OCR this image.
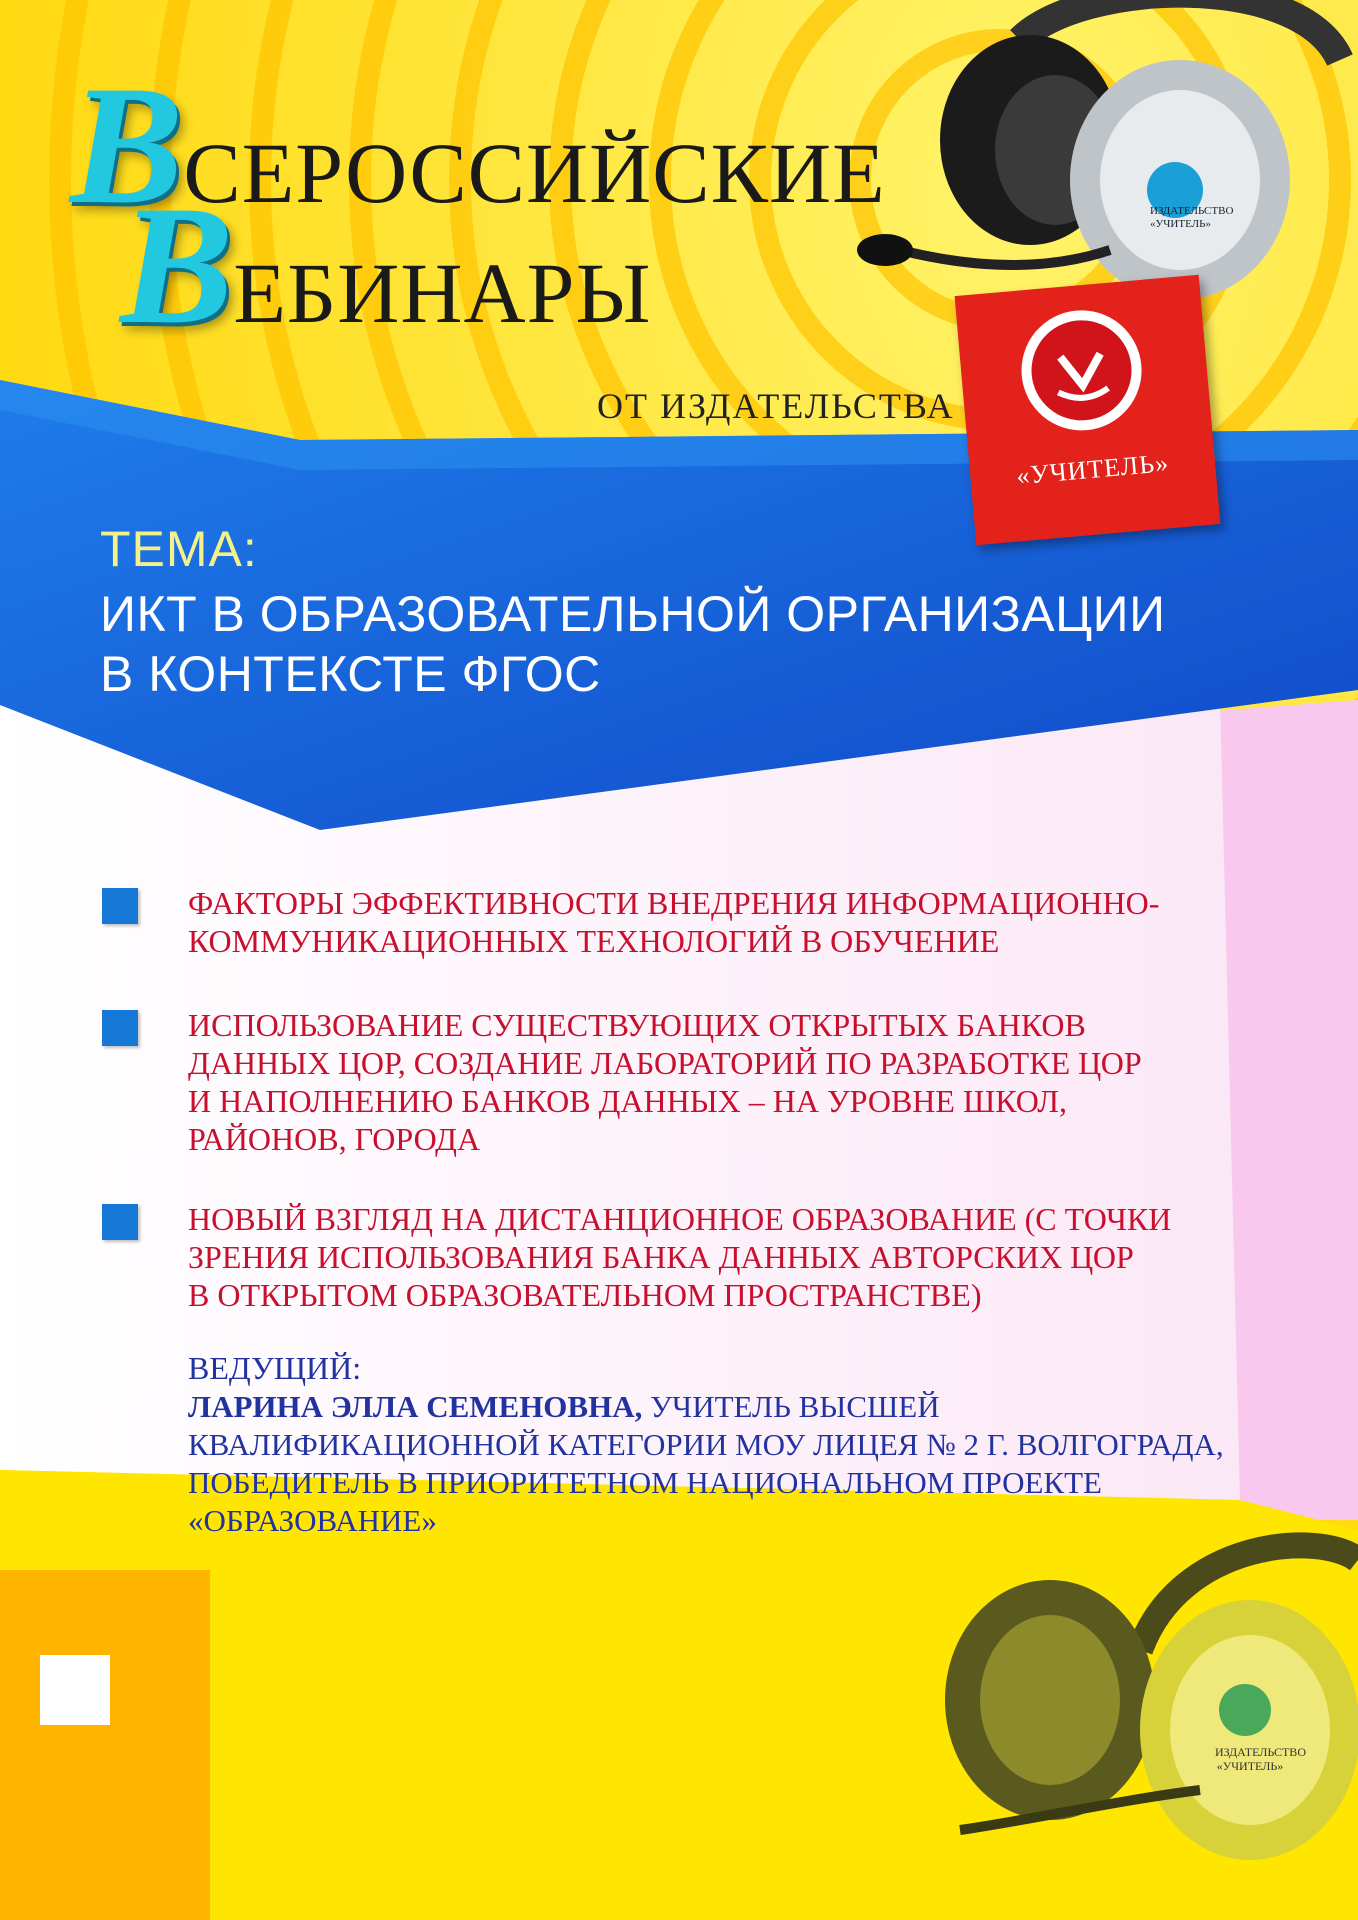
ВСЕРОССИЙСКИЕ
ВЕБИНАРЫ
ОТ ИЗДАТЕЛЬСТВА
«УЧИТЕЛЬ»
ИЗДАТЕЛЬСТВО
«УЧИТЕЛЬ»
ИЗДАТЕЛЬСТВО
«УЧИТЕЛЬ»
ТЕМА:
ИКТ В ОБРАЗОВАТЕЛЬНОЙ ОРГАНИЗАЦИИ
В КОНТЕКСТЕ ФГОС
ФАКТОРЫ ЭФФЕКТИВНОСТИ ВНЕДРЕНИЯ ИНФОРМАЦИОННО-
КОММУНИКАЦИОННЫХ ТЕХНОЛОГИЙ В ОБУЧЕНИЕ
ИСПОЛЬЗОВАНИЕ СУЩЕСТВУЮЩИХ ОТКРЫТЫХ БАНКОВ
ДАННЫХ ЦОР, СОЗДАНИЕ ЛАБОРАТОРИЙ ПО РАЗРАБОТКЕ ЦОР
И НАПОЛНЕНИЮ БАНКОВ ДАННЫХ – НА УРОВНЕ ШКОЛ,
РАЙОНОВ, ГОРОДА
НОВЫЙ ВЗГЛЯД НА ДИСТАНЦИОННОЕ ОБРАЗОВАНИЕ (С ТОЧКИ
ЗРЕНИЯ ИСПОЛЬЗОВАНИЯ БАНКА ДАННЫХ АВТОРСКИХ ЦОР
В ОТКРЫТОМ ОБРАЗОВАТЕЛЬНОМ ПРОСТРАНСТВЕ)
ВЕДУЩИЙ:
ЛАРИНА ЭЛЛА СЕМЕНОВНА, УЧИТЕЛЬ ВЫСШЕЙ
КВАЛИФИКАЦИОННОЙ КАТЕГОРИИ МОУ ЛИЦЕЯ № 2 Г. ВОЛГОГРАДА,
ПОБЕДИТЕЛЬ В ПРИОРИТЕТНОМ НАЦИОНАЛЬНОМ ПРОЕКТЕ
«ОБРАЗОВАНИЕ»
